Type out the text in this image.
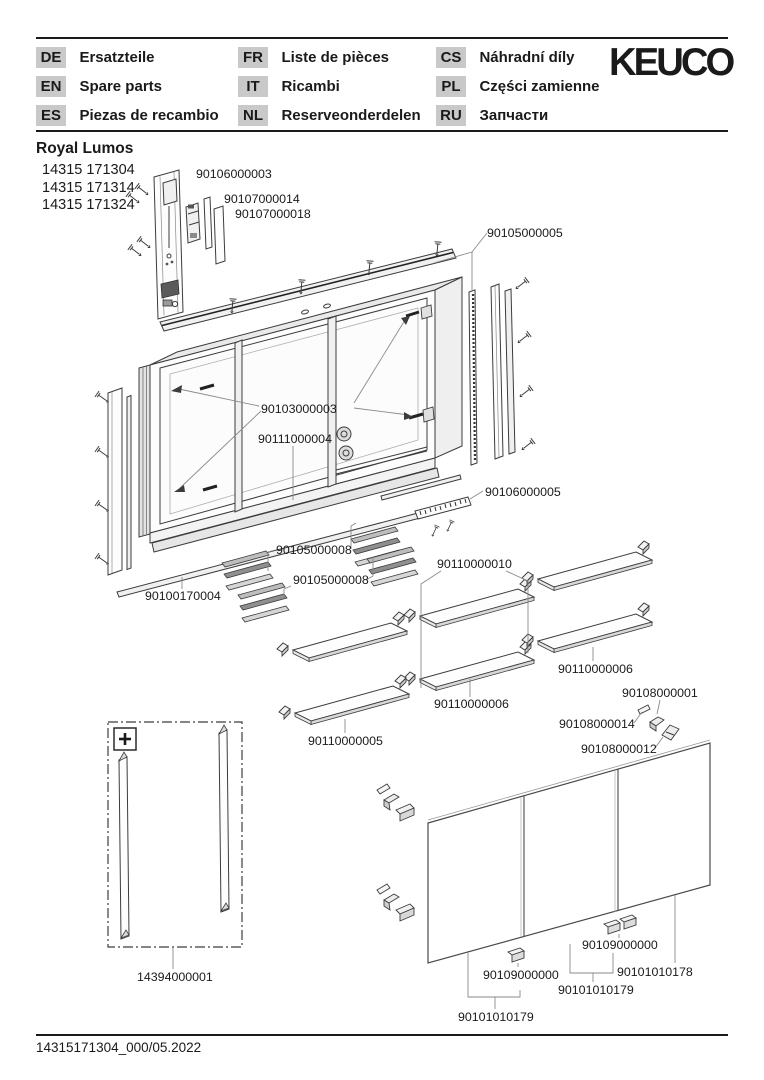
DE Ersatzteile
EN Spare parts
ES Piezas de recambio
FR Liste de pièces
IT Ricambi
NL Reserveonderdelen
CS Náhradní díly
PL Części zamienne
RU Запчасти
KEUCO
Royal Lumos
14315 171304
14315 171314
14315 171324
90106000003
90107000014
90107000018
90105000005
90103000003
90111000004
90106000005
90105000008
90110000010
90105000008
90100170004
90110000006
90108000001
90110000006
90108000014
90110000005
90108000012
90109000000
90101010178
90109000000
14394000001
90101010179
90101010179
14315171304_000/05.2022
